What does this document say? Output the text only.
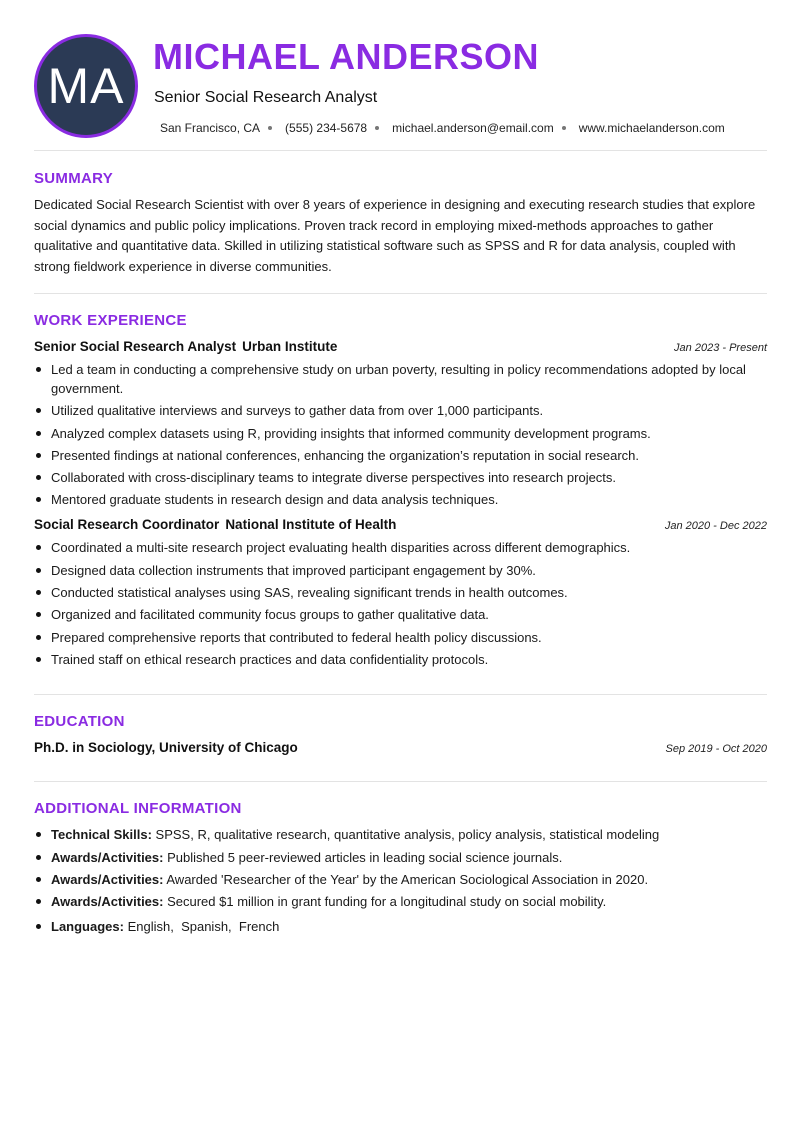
MA
MICHAEL ANDERSON
Senior Social Research Analyst
San Francisco, CA (555) 234-5678 michael.anderson@email.com www.michaelanderson.com
SUMMARY
Dedicated Social Research Scientist with over 8 years of experience in designing and executing research studies that explore social dynamics and public policy implications. Proven track record in employing mixed-methods approaches to gather qualitative and quantitative data. Skilled in utilizing statistical software such as SPSS and R for data analysis, coupled with strong fieldwork experience in diverse communities.
WORK EXPERIENCE
Senior Social Research Analyst Urban Institute	Jan 2023 - Present
Led a team in conducting a comprehensive study on urban poverty, resulting in policy recommendations adopted by local government.
Utilized qualitative interviews and surveys to gather data from over 1,000 participants.
Analyzed complex datasets using R, providing insights that informed community development programs.
Presented findings at national conferences, enhancing the organization’s reputation in social research.
Collaborated with cross-disciplinary teams to integrate diverse perspectives into research projects.
Mentored graduate students in research design and data analysis techniques.
Social Research Coordinator National Institute of Health	Jan 2020 - Dec 2022
Coordinated a multi-site research project evaluating health disparities across different demographics.
Designed data collection instruments that improved participant engagement by 30%.
Conducted statistical analyses using SAS, revealing significant trends in health outcomes.
Organized and facilitated community focus groups to gather qualitative data.
Prepared comprehensive reports that contributed to federal health policy discussions.
Trained staff on ethical research practices and data confidentiality protocols.
EDUCATION
Ph.D. in Sociology, University of Chicago	Sep 2019 - Oct 2020
ADDITIONAL INFORMATION
Technical Skills: SPSS, R, qualitative research, quantitative analysis, policy analysis, statistical modeling
Awards/Activities: Published 5 peer-reviewed articles in leading social science journals.
Awards/Activities: Awarded 'Researcher of the Year' by the American Sociological Association in 2020.
Awards/Activities: Secured $1 million in grant funding for a longitudinal study on social mobility.
Languages: English,  Spanish,  French
